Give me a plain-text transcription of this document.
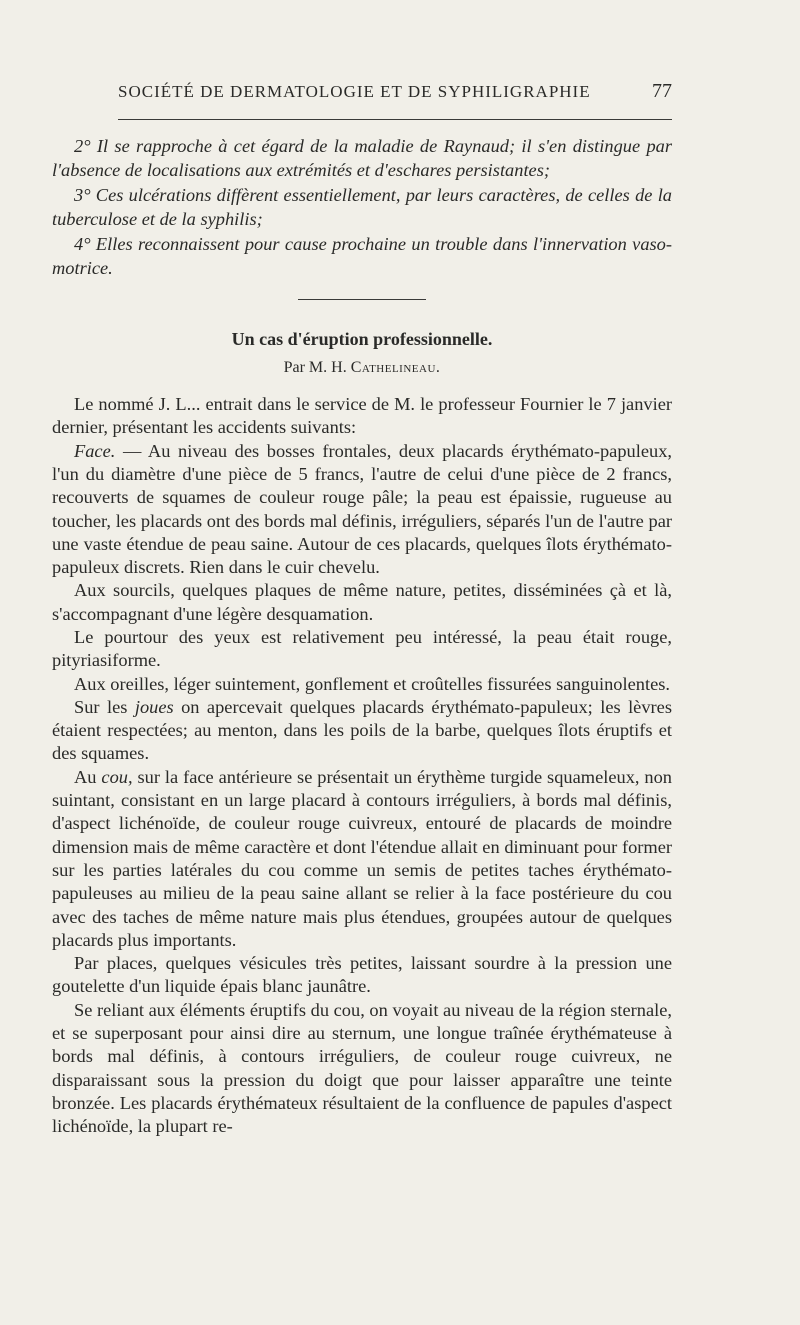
SOCIÉTÉ DE DERMATOLOGIE ET DE SYPHILIGRAPHIE	77

2° Il se rapproche à cet égard de la maladie de Raynaud; il s'en distingue par l'absence de localisations aux extrémités et d'eschares persistantes;

3° Ces ulcérations diffèrent essentiellement, par leurs caractères, de celles de la tuberculose et de la syphilis;

4° Elles reconnaissent pour cause prochaine un trouble dans l'innervation vaso-motrice.

Un cas d'éruption professionnelle.

Par M. H. Cathelineau.

Le nommé J. L... entrait dans le service de M. le professeur Fournier le 7 janvier dernier, présentant les accidents suivants:

Face. — Au niveau des bosses frontales, deux placards érythémato-papuleux, l'un du diamètre d'une pièce de 5 francs, l'autre de celui d'une pièce de 2 francs, recouverts de squames de couleur rouge pâle; la peau est épaissie, rugueuse au toucher, les placards ont des bords mal définis, irréguliers, séparés l'un de l'autre par une vaste étendue de peau saine. Autour de ces placards, quelques îlots érythémato-papuleux discrets. Rien dans le cuir chevelu.

Aux sourcils, quelques plaques de même nature, petites, disséminées çà et là, s'accompagnant d'une légère desquamation.

Le pourtour des yeux est relativement peu intéressé, la peau était rouge, pityriasiforme.

Aux oreilles, léger suintement, gonflement et croûtelles fissurées sanguinolentes.

Sur les joues on apercevait quelques placards érythémato-papuleux; les lèvres étaient respectées; au menton, dans les poils de la barbe, quelques îlots éruptifs et des squames.

Au cou, sur la face antérieure se présentait un érythème turgide squameleux, non suintant, consistant en un large placard à contours irréguliers, à bords mal définis, d'aspect lichénoïde, de couleur rouge cuivreux, entouré de placards de moindre dimension mais de même caractère et dont l'étendue allait en diminuant pour former sur les parties latérales du cou comme un semis de petites taches érythémato-papuleuses au milieu de la peau saine allant se relier à la face postérieure du cou avec des taches de même nature mais plus étendues, groupées autour de quelques placards plus importants.

Par places, quelques vésicules très petites, laissant sourdre à la pression une goutelette d'un liquide épais blanc jaunâtre.

Se reliant aux éléments éruptifs du cou, on voyait au niveau de la région sternale, et se superposant pour ainsi dire au sternum, une longue traînée érythémateuse à bords mal définis, à contours irréguliers, de couleur rouge cuivreux, ne disparaissant sous la pression du doigt que pour laisser apparaître une teinte bronzée. Les placards érythémateux résultaient de la confluence de papules d'aspect lichénoïde, la plupart re-
